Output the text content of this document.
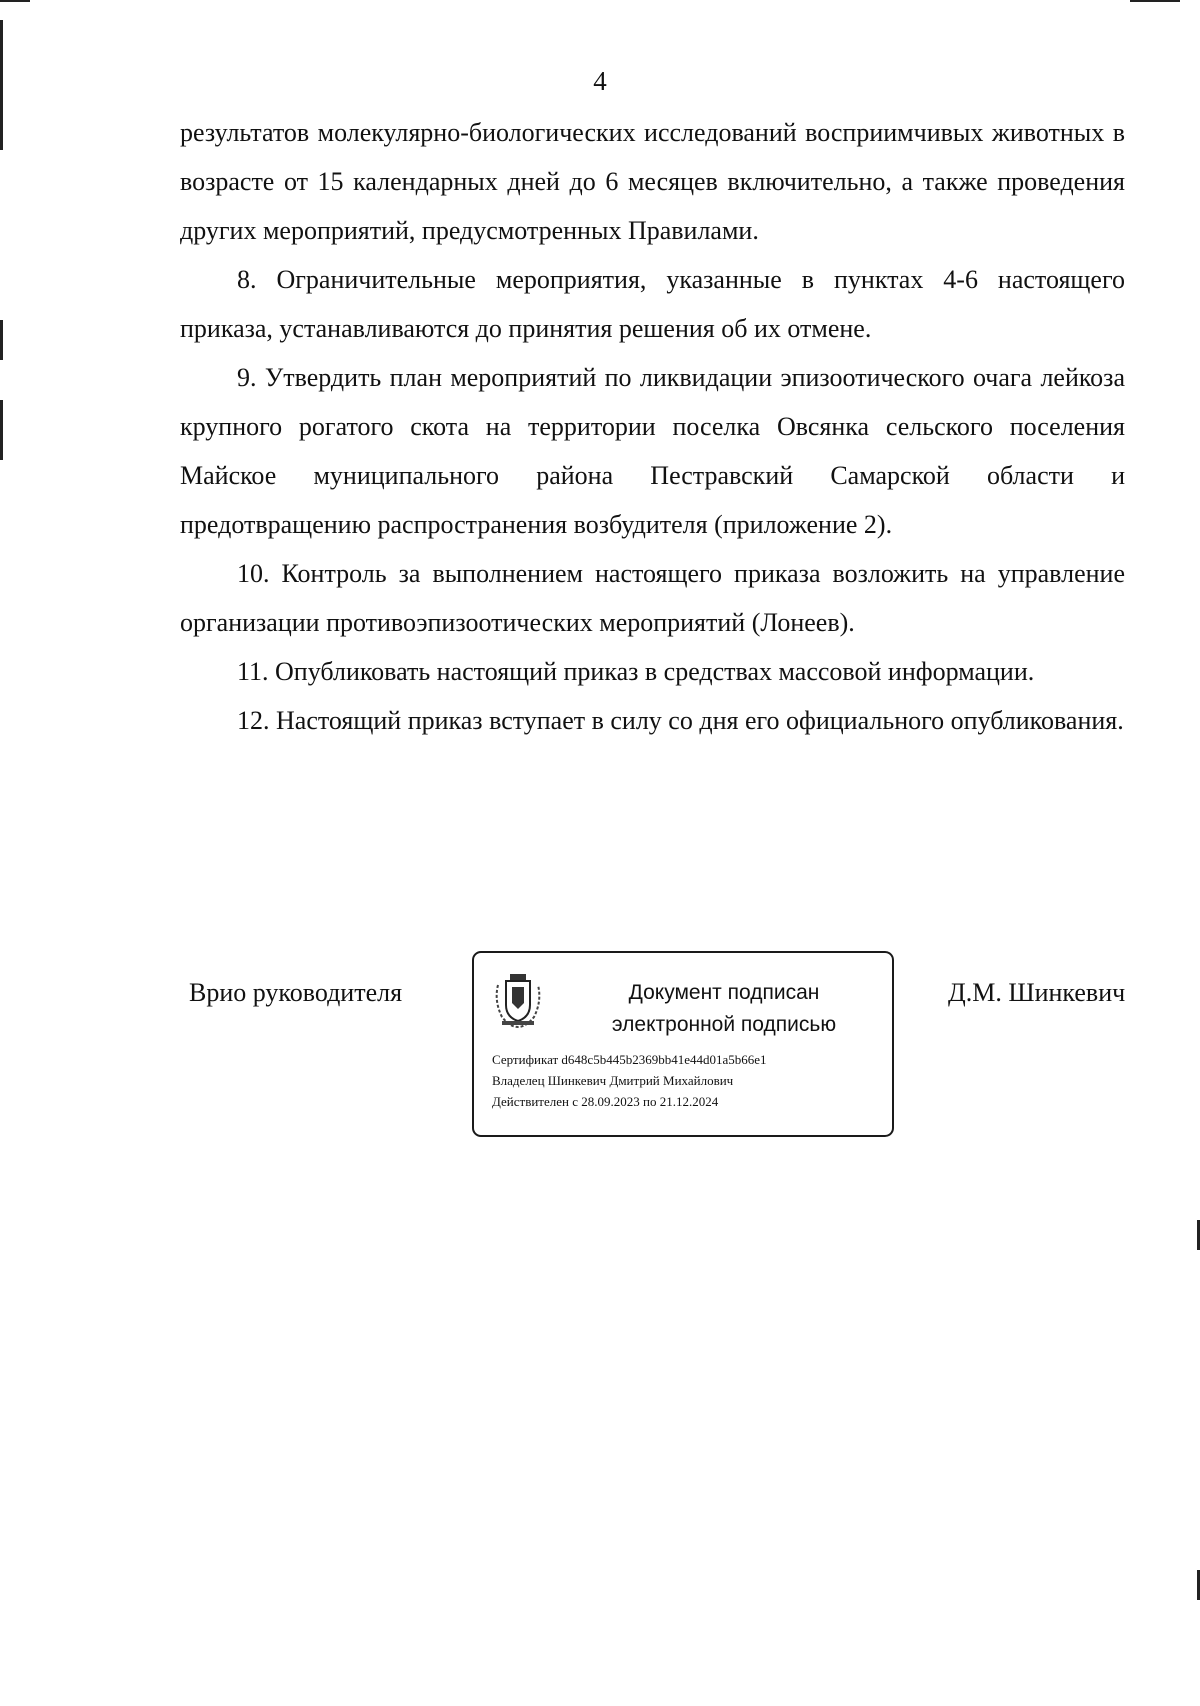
4

результатов молекулярно-биологических исследований восприимчивых животных в возрасте от 15 календарных дней до 6 месяцев включительно, а также проведения других мероприятий, предусмотренных Правилами.

8. Ограничительные мероприятия, указанные в пунктах 4-6 настоящего приказа, устанавливаются до принятия решения об их отмене.

9. Утвердить план мероприятий по ликвидации эпизоотического очага лейкоза крупного рогатого скота на территории поселка Овсянка сельского поселения Майское муниципального района Пестравский Самарской области и предотвращению распространения возбудителя (приложение 2).

10. Контроль за выполнением настоящего приказа возложить на управление организации противоэпизоотических мероприятий (Лонеев).

11. Опубликовать настоящий приказ в средствах массовой информации.

12. Настоящий приказ вступает в силу со дня его официального опубликования.

Врио руководителя	Документ подписан
электронной подписью
Сертификат d648c5b445b2369bb41e44d01a5b66e1
Владелец Шинкевич Дмитрий Михайлович
Действителен с 28.09.2023 по 21.12.2024
Д.М. Шинкевич
